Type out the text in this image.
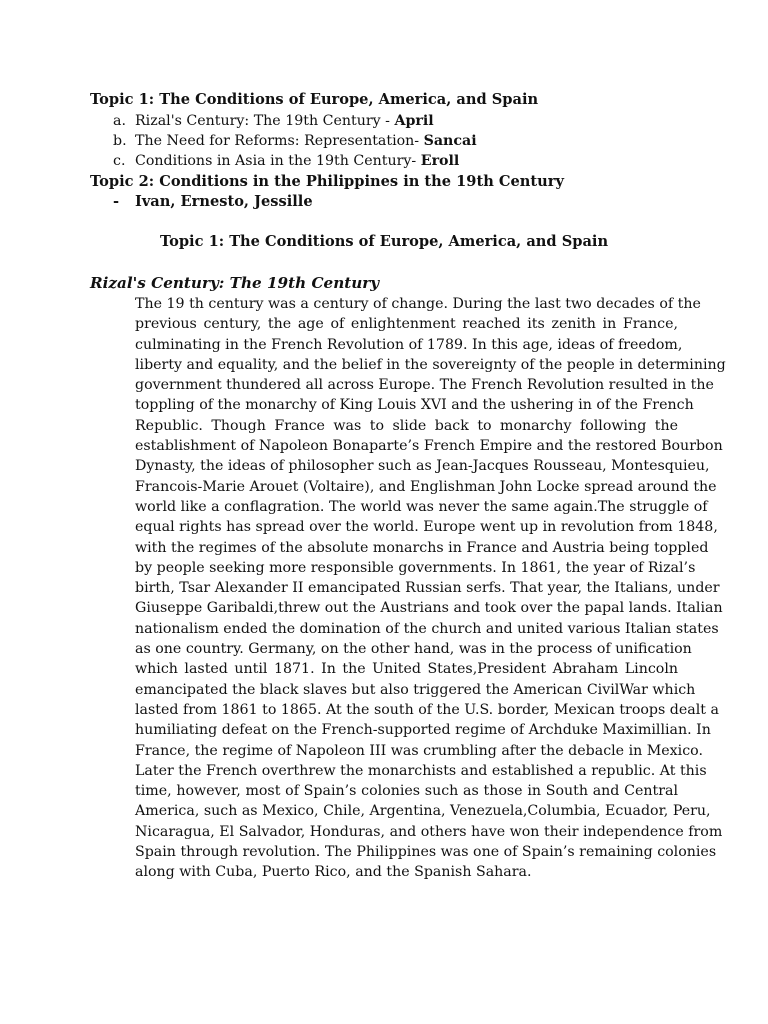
Topic 1: The Conditions of Europe, America, and Spain
a. Rizal's Century: The 19th Century - April
b. The Need for Reforms: Representation- Sancai
c. Conditions in Asia in the 19th Century- Eroll
Topic 2: Conditions in the Philippines in the 19th Century
- Ivan, Ernesto, Jessille
Topic 1: The Conditions of Europe, America, and Spain
Rizal's Century: The 19th Century
The 19 th century was a century of change. During the last two decades of the
previous century, the age of enlightenment reached its zenith in France,
culminating in the French Revolution of 1789. In this age, ideas of freedom,
liberty and equality, and the belief in the sovereignty of the people in determining
government thundered all across Europe. The French Revolution resulted in the
toppling of the monarchy of King Louis XVI and the ushering in of the French
Republic. Though France was to slide back to monarchy following the
establishment of Napoleon Bonaparte’s French Empire and the restored Bourbon
Dynasty, the ideas of philosopher such as Jean-Jacques Rousseau, Montesquieu,
Francois-Marie Arouet (Voltaire), and Englishman John Locke spread around the
world like a conflagration. The world was never the same again.The struggle of
equal rights has spread over the world. Europe went up in revolution from 1848,
with the regimes of the absolute monarchs in France and Austria being toppled
by people seeking more responsible governments. In 1861, the year of Rizal’s
birth, Tsar Alexander II emancipated Russian serfs. That year, the Italians, under
Giuseppe Garibaldi,threw out the Austrians and took over the papal lands. Italian
nationalism ended the domination of the church and united various Italian states
as one country. Germany, on the other hand, was in the process of unification
which lasted until 1871. In the United States,President Abraham Lincoln
emancipated the black slaves but also triggered the American CivilWar which
lasted from 1861 to 1865. At the south of the U.S. border, Mexican troops dealt a
humiliating defeat on the French-supported regime of Archduke Maximillian. In
France, the regime of Napoleon III was crumbling after the debacle in Mexico.
Later the French overthrew the monarchists and established a republic. At this
time, however, most of Spain’s colonies such as those in South and Central
America, such as Mexico, Chile, Argentina, Venezuela,Columbia, Ecuador, Peru,
Nicaragua, El Salvador, Honduras, and others have won their independence from
Spain through revolution. The Philippines was one of Spain’s remaining colonies
along with Cuba, Puerto Rico, and the Spanish Sahara.
